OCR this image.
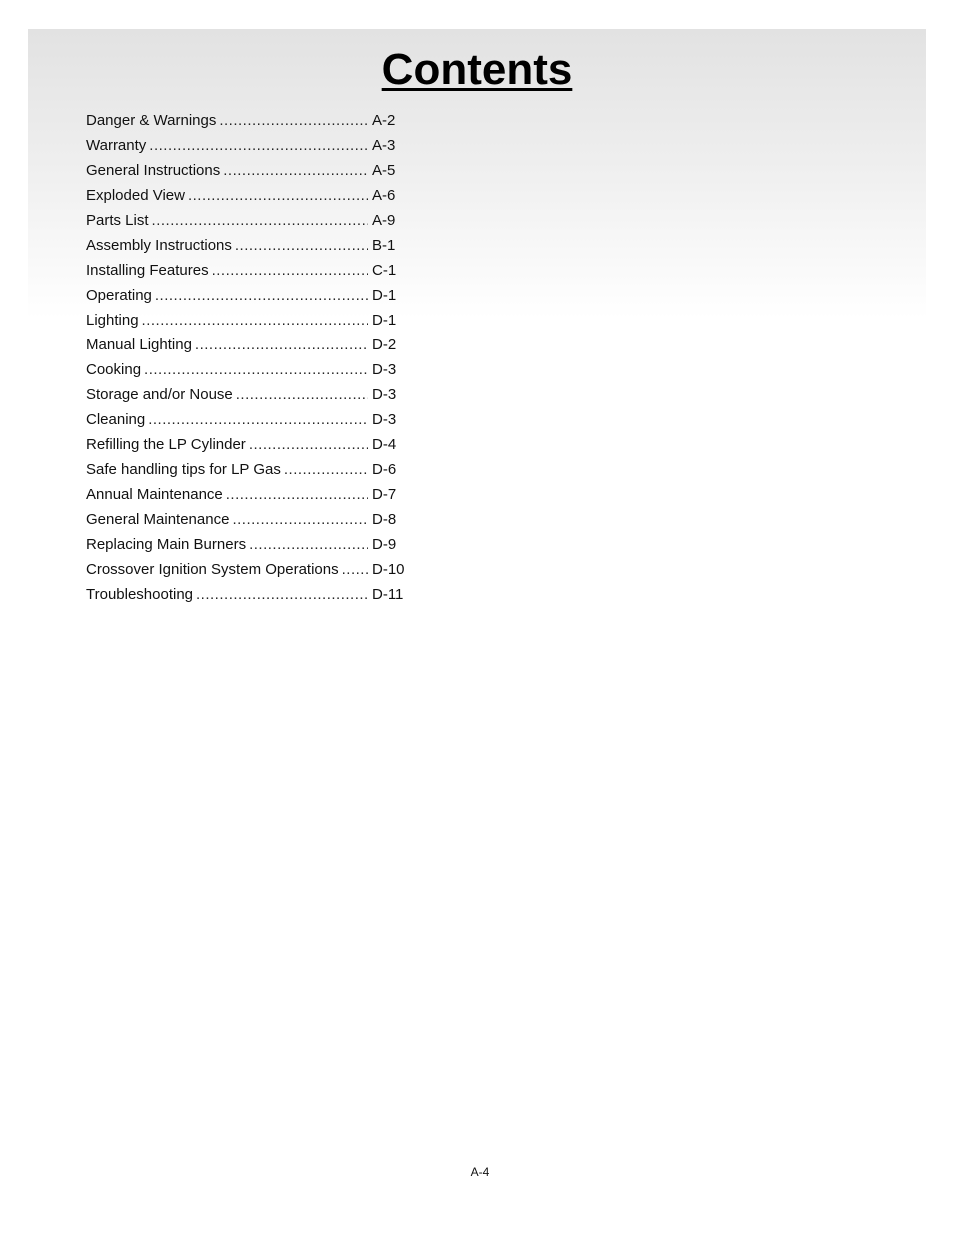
Contents
Danger & Warnings .....	A-2
Warranty .....	A-3
General Instructions .....	A-5
Exploded View .....	A-6
Parts List .....	A-9
Assembly Instructions .....	B-1
Installing Features .....	C-1
Operating .....	D-1
Lighting .....	D-1
Manual Lighting .....	D-2
Cooking .....	D-3
Storage and/or Nouse .....	D-3
Cleaning .....	D-3
Refilling the LP Cylinder .....	D-4
Safe handling tips for LP Gas .....	D-6
Annual Maintenance .....	D-7
General Maintenance .....	D-8
Replacing Main Burners .....	D-9
Crossover Ignition System Operations ..... D-10
Troubleshooting .....	D-11
A-4
